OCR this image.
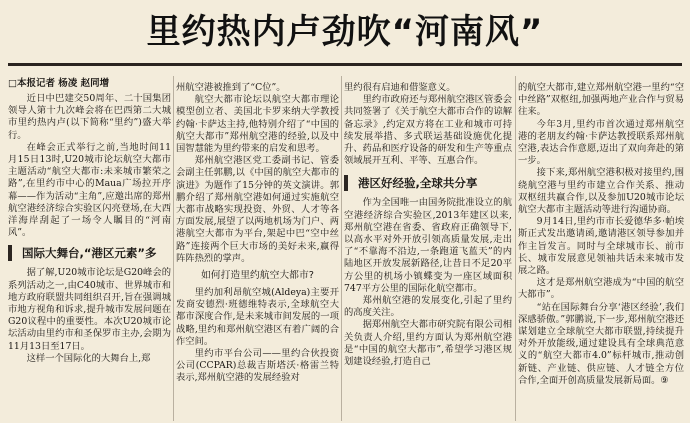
里约热内卢劲吹“河南风”
□本报记者 杨凌 赵同增

近日中巴建交50周年、二十国集团领导人第十九次峰会将在巴西第二大城市里约热内卢(以下简称“里约”)盛大举行。

在峰会正式举行之前,当地时间11月15日13时,U20城市论坛航空大都市主题活动“航空大都市:未来城市繁荣之路”,在里约市中心的Maua广场拉开序幕——作为活动“主角”,应邀出席的郑州航空港经济综合实验区闪亮登场,在大西洋海岸刮起了一场令人瞩目的“河南风”。

国际大舞台,“港区元素”多

据了解,U20城市论坛是G20峰会的系列活动之一,由C40城市、世界城市和地方政府联盟共同组织召开,旨在强调城市地方视角和诉求,提升城市发展问题在G20议程中的重要性。本次U20城市论坛活动由里约市和圣保罗市主办,会期为11月13日至17日。

这样一个国际化的大舞台上,郑

州航空港被推到了“C位”。

航空大都市论坛以航空大都市理论模型创立者、美国北卡罗来纳大学教授约翰·卡萨达主持,他特别介绍了“中国的航空大都市”郑州航空港的经验,以及中国智慧能为里约带来的启发和思考。

郑州航空港区党工委副书记、管委会副主任郭鹏,以《中国的航空大都市的演进》为题作了15分钟的英文演讲。郭鹏介绍了郑州航空港如何通过实施航空大都市战略实现投资、外贸、人才等各方面发展,展望了以两地机场为门户、两港航空大都市为平台,架起中巴“空中丝路”连接两个巨大市场的美好未来,赢得阵阵热烈的掌声。

如何打造里约航空大都市?

里约加利昂航空城(Aldeya)主要开发商安德烈·班德维特表示,全球航空大都市深度合作,是未来城市间发展的一项战略,里约和郑州航空港区有着广阔的合作空间。

里约市平台公司——里约合伙投资公司(CCPAR)总裁吉斯塔沃·格雷兰特表示,郑州航空港的发展经验对

里约很有启迪和借鉴意义。

里约市政府还与郑州航空港区管委会共同签署了《关于航空大都市合作的谅解备忘录》,约定双方将在工业和城市可持续发展举措、多式联运基础设施优化提升、药品和医疗设备的研发和生产等重点领域展开互利、平等、互惠合作。

港区好经验,全球共分享

作为全国唯一由国务院批准设立的航空港经济综合实验区,2013年建区以来,郑州航空港在省委、省政府正确领导下,以高水平对外开放引领高质量发展,走出了“不靠海不沿边,一条跑道飞蓝天”的内陆地区开放发展新路径,让昔日不足20平方公里的机场小镇蝶变为一座区域面积747平方公里的国际化航空都市。

郑州航空港的发展变化,引起了里约的高度关注。

据郑州航空大都市研究院有限公司相关负责人介绍,里约方面认为郑州航空港是“中国的航空大都市”,希望学习港区规划建设经验,打造自己

的航空大都市,建立郑州航空港一里约“空中丝路”双枢纽,加强两地产业合作与贸易往来。

今年3月,里约市首次通过郑州航空港的老朋友约翰·卡萨达教授联系郑州航空港,表达合作意愿,迈出了双向奔赴的第一步。

接下来,郑州航空港积极对接里约,围绕航空港与里约市建立合作关系、推动双枢纽共赢合作,以及参加U20城市论坛航空大都市主题活动等进行沟通协商。

9月14日,里约市市长爱德华多·帕埃斯正式发出邀请函,邀请港区领导参加并作主旨发言。同时与全球城市长、前市长、城市发展意见领袖共话未来城市发展之路。

这才是郑州航空港成为“中国的航空大都市”。

“站在国际舞台分享‘港区经验’,我们深感骄傲。”郭鹏说,下一步,郑州航空港还谋划建立全球航空大都市联盟,持续提升对外开放能级,通过建设具有全球典范意义的“航空大都市4.0”标杆城市,推动创新链、产业链、供应链、人才链全方位合作,全面开创高质量发展新局面。⑨
